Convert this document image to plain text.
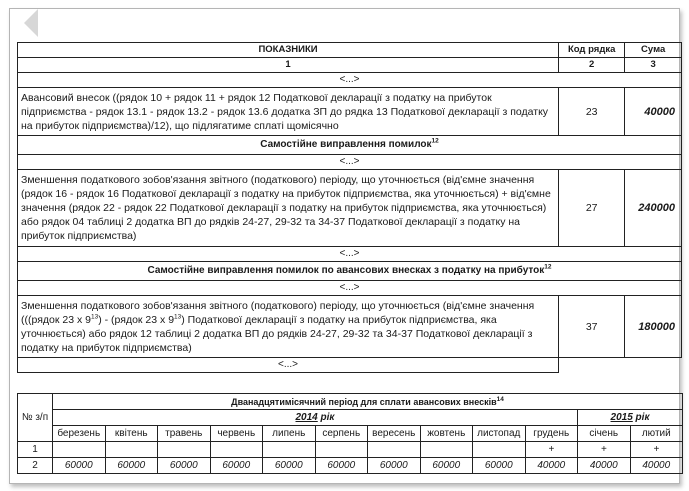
ПОКАЗНИКИ	Код рядка	Сума
1	2	3
<...>		
Авансовий внесок ((рядок 10 + рядок 11 + рядок 12 Податкової декларації з податку на прибуток підприємства - рядок 13.1 - рядок 13.2 - рядок 13.6 додатка ЗП до рядка 13 Податкової декларації з податку на прибуток підприємства)/12), що підлягатиме сплаті щомісячно	23	40000
Самостійне виправлення помилок$^{12}$
<...>		
Зменшення податкового зобов'язання звітного (податкового) періоду, що уточнюється (від'ємне значення (рядок 16 - рядок 16 Податкової декларації з податку на прибуток підприємства, яка уточнюється) + від'ємне значення (рядок 22 - рядок 22 Податкової декларації з податку на прибуток підприємства, яка уточнюється) або рядок 04 таблиці 2 додатка ВП до рядків 24-27, 29-32 та 34-37 Податкової декларації з податку на прибуток підприємства)	27	240000
<...>		
Самостійне виправлення помилок по авансових внесках з податку на прибуток$^{12}$
<...>		
Зменшення податкового зобов'язання звітного (податкового) періоду, що уточнюється (від'ємне значення (((рядок 23 х $9^{13}$) - (рядок 23 х $9^{13}$) Податкової декларації з податку на прибуток підприємства, яка уточнюється) або рядок 12 таблиці 2 додатка ВП до рядків 24-27, 29-32 та 34-37 Податкової декларації з податку на прибуток підприємства)	37	180000
<...>		
№ з/п	Дванадцятимісячний період для сплати авансових внесків$^{14}$
	2014 рік										2015 рік	
	березень	квітень	травень	червень	липень	серпень	вересень	жовтень	листопад	грудень	січень	лютий
1										+	+	+
2	60000	60000	60000	60000	60000	60000	60000	60000	60000	40000	40000	40000
